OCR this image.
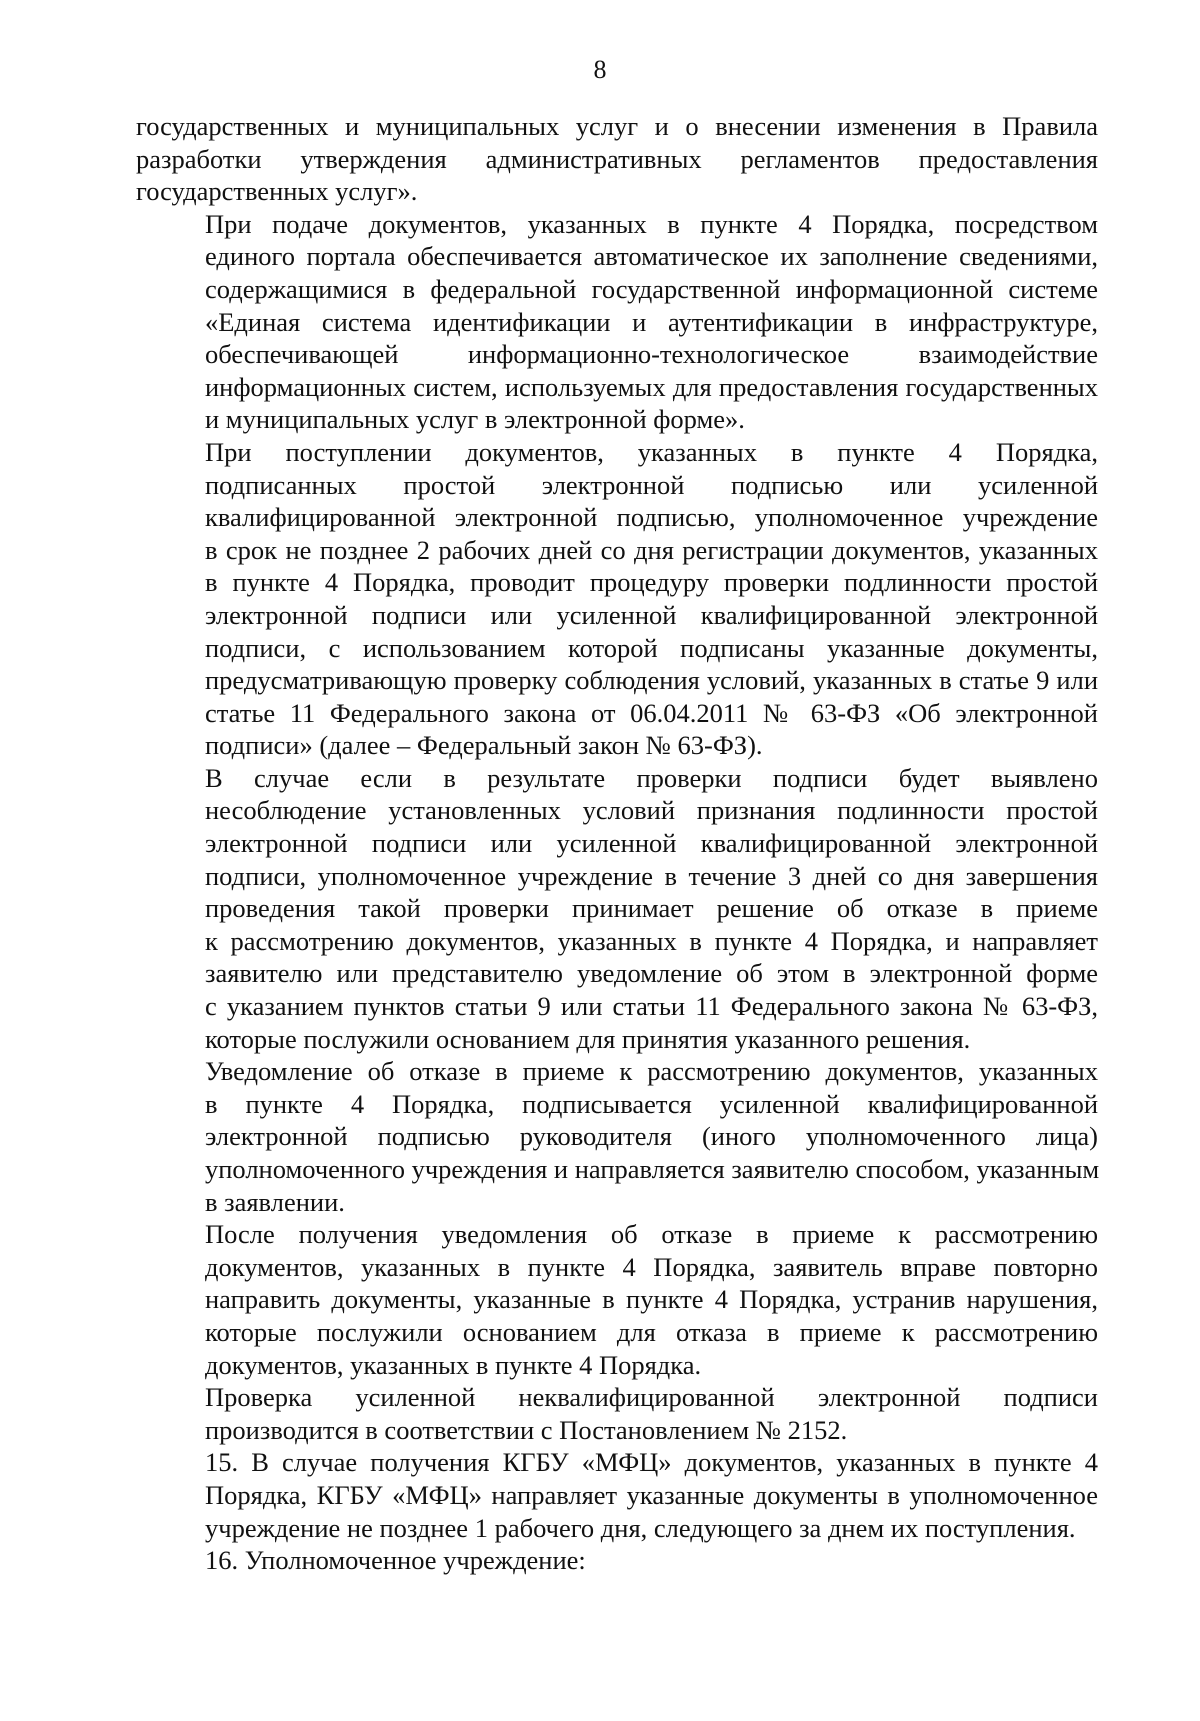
8
государственных и муниципальных услуг и о внесении изменения в Правила
разработки утверждения административных регламентов предоставления
государственных услуг».
При подаче документов, указанных в пункте 4 Порядка, посредством
единого портала обеспечивается автоматическое их заполнение сведениями,
содержащимися в федеральной государственной информационной системе
«Единая система идентификации и аутентификации в инфраструктуре,
обеспечивающей информационно-технологическое взаимодействие
информационных систем, используемых для предоставления государственных
и муниципальных услуг в электронной форме».
При поступлении документов, указанных в пункте 4 Порядка,
подписанных простой электронной подписью или усиленной
квалифицированной электронной подписью, уполномоченное учреждение
в срок не позднее 2 рабочих дней со дня регистрации документов, указанных
в пункте 4 Порядка, проводит процедуру проверки подлинности простой
электронной подписи или усиленной квалифицированной электронной
подписи, с использованием которой подписаны указанные документы,
предусматривающую проверку соблюдения условий, указанных в статье 9 или
статье 11 Федерального закона от 06.04.2011 № 63-ФЗ «Об электронной
подписи» (далее – Федеральный закон № 63-ФЗ).
В случае если в результате проверки подписи будет выявлено
несоблюдение установленных условий признания подлинности простой
электронной подписи или усиленной квалифицированной электронной
подписи, уполномоченное учреждение в течение 3 дней со дня завершения
проведения такой проверки принимает решение об отказе в приеме
к рассмотрению документов, указанных в пункте 4 Порядка, и направляет
заявителю или представителю уведомление об этом в электронной форме
с указанием пунктов статьи 9 или статьи 11 Федерального закона № 63-ФЗ,
которые послужили основанием для принятия указанного решения.
Уведомление об отказе в приеме к рассмотрению документов, указанных
в пункте 4 Порядка, подписывается усиленной квалифицированной
электронной подписью руководителя (иного уполномоченного лица)
уполномоченного учреждения и направляется заявителю способом, указанным
в заявлении.
После получения уведомления об отказе в приеме к рассмотрению
документов, указанных в пункте 4 Порядка, заявитель вправе повторно
направить документы, указанные в пункте 4 Порядка, устранив нарушения,
которые послужили основанием для отказа в приеме к рассмотрению
документов, указанных в пункте 4 Порядка.
Проверка усиленной неквалифицированной электронной подписи
производится в соответствии с Постановлением № 2152.
15. В случае получения КГБУ «МФЦ» документов, указанных в пункте 4
Порядка, КГБУ «МФЦ» направляет указанные документы в уполномоченное
учреждение не позднее 1 рабочего дня, следующего за днем их поступления.
16. Уполномоченное учреждение:
